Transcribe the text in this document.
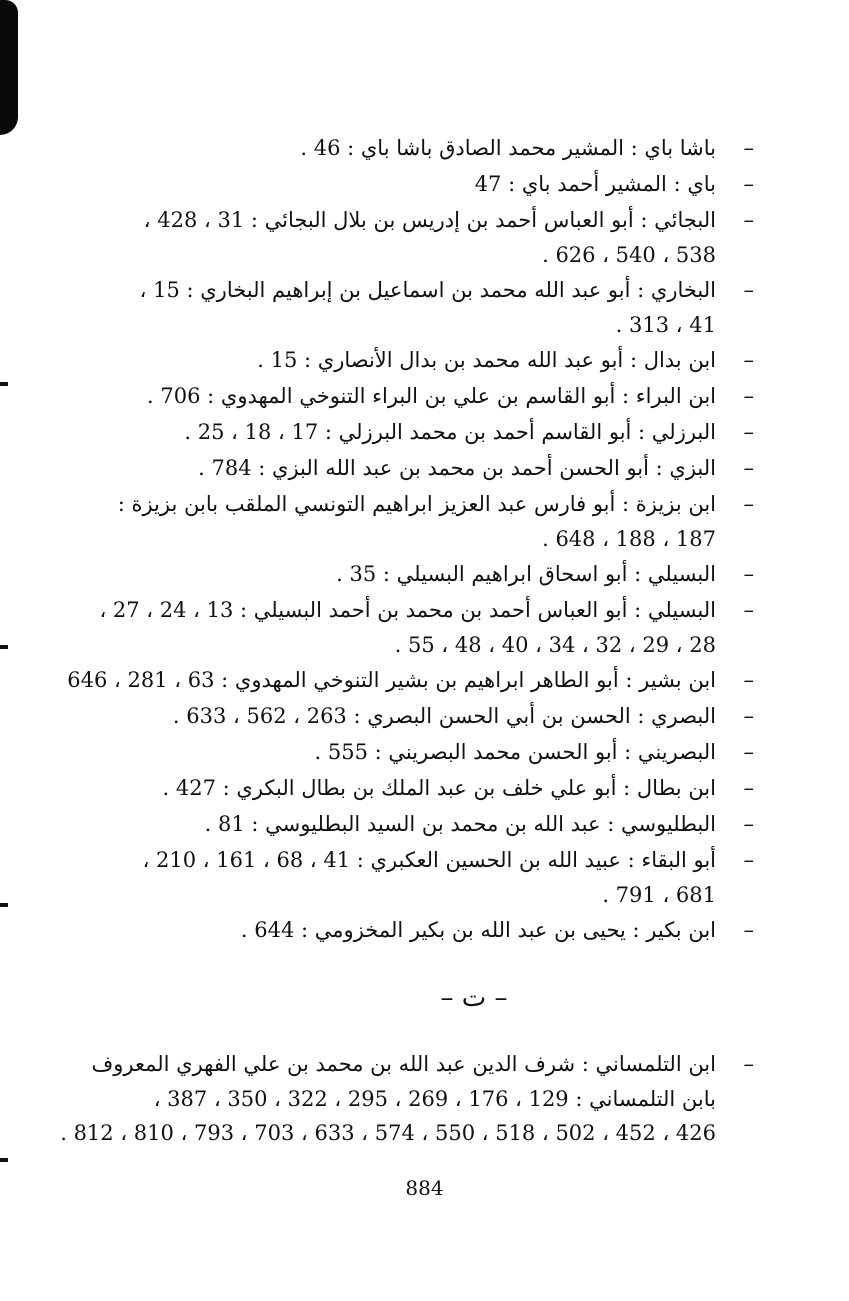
–
باشا باي : المشير محمد الصادق باشا باي : 46 .
–
باي : المشير أحمد باي : 47
–
البجائي : أبو العباس أحمد بن إدريس بن بلال البجائي : 31 ، 428 ،
538 ، 540 ، 626 .
–
البخاري : أبو عبد الله محمد بن اسماعيل بن إبراهيم البخاري : 15 ،
41 ، 313 .
–
ابن بدال : أبو عبد الله محمد بن بدال الأنصاري : 15 .
–
ابن البراء : أبو القاسم بن علي بن البراء التنوخي المهدوي : 706 .
–
البرزلي : أبو القاسم أحمد بن محمد البرزلي : 17 ، 18 ، 25 .
–
البزي : أبو الحسن أحمد بن محمد بن عبد الله البزي : 784 .
–
ابن بزيزة : أبو فارس عبد العزيز ابراهيم التونسي الملقب بابن بزيزة :
187 ، 188 ، 648 .
–
البسيلي : أبو اسحاق ابراهيم البسيلي : 35 .
–
البسيلي : أبو العباس أحمد بن محمد بن أحمد البسيلي : 13 ، 24 ، 27 ،
28 ، 29 ، 32 ، 34 ، 40 ، 48 ، 55 .
–
ابن بشير : أبو الطاهر ابراهيم بن بشير التنوخي المهدوي : 63 ، 281 ، 646
–
البصري : الحسن بن أبي الحسن البصري : 263 ، 562 ، 633 .
–
البصريني : أبو الحسن محمد البصريني : 555 .
–
ابن بطال : أبو علي خلف بن عبد الملك بن بطال البكري : 427 .
–
البطليوسي : عبد الله بن محمد بن السيد البطليوسي : 81 .
–
أبو البقاء : عبيد الله بن الحسين العكبري : 41 ، 68 ، 161 ، 210 ،
681 ، 791 .
–
ابن بكير : يحيى بن عبد الله بن بكير المخزومي : 644 .
– ت –
–
ابن التلمساني : شرف الدين عبد الله بن محمد بن علي الفهري المعروف
بابن التلمساني : 129 ، 176 ، 269 ، 295 ، 322 ، 350 ، 387 ،
426 ، 452 ، 502 ، 518 ، 550 ، 574 ، 633 ، 703 ، 793 ، 810 ، 812 .
884
